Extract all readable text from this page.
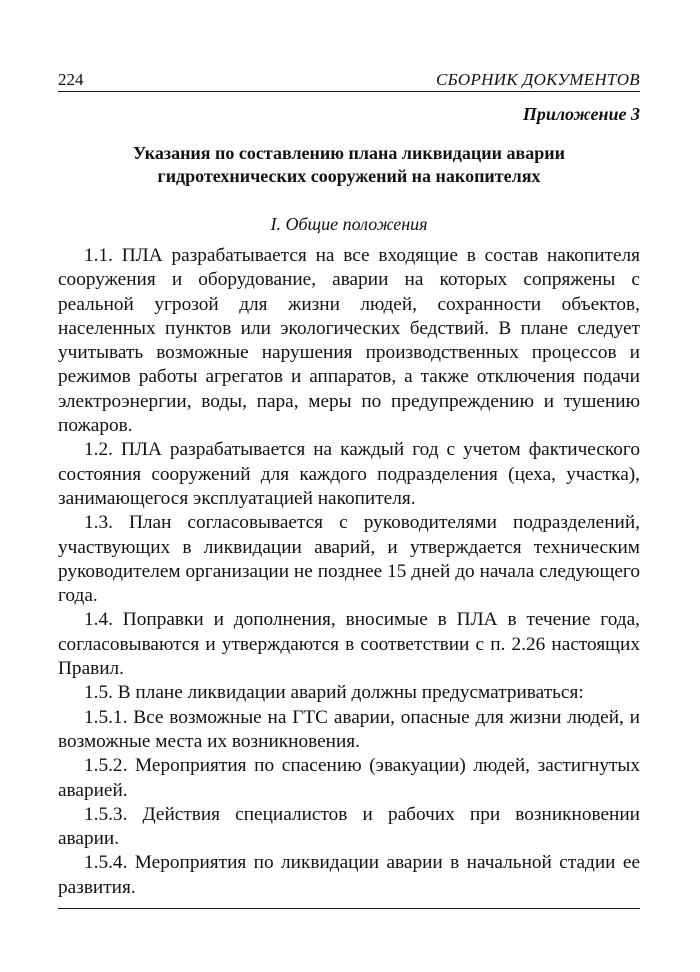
224	СБОРНИК ДОКУМЕНТОВ
Приложение 3
Указания по составлению плана ликвидации аварии
гидротехнических сооружений на накопителях
I. Общие положения

1.1. ПЛА разрабатывается на все входящие в состав накопителя сооружения и оборудование, аварии на которых сопряжены с реальной угрозой для жизни людей, сохранности объектов, населенных пунктов или экологических бедствий. В плане следует учитывать возможные нарушения производственных процессов и режимов работы агрегатов и аппаратов, а также отключения подачи электроэнергии, воды, пара, меры по предупреждению и тушению пожаров.

1.2. ПЛА разрабатывается на каждый год с учетом фактического состояния сооружений для каждого подразделения (цеха, участка), занимающегося эксплуатацией накопителя.

1.3. План согласовывается с руководителями подразделений, участвующих в ликвидации аварий, и утверждается техническим руководителем организации не позднее 15 дней до начала следующего года.

1.4. Поправки и дополнения, вносимые в ПЛА в течение года, согласовываются и утверждаются в соответствии с п. 2.26 настоящих Правил.

1.5. В плане ликвидации аварий должны предусматриваться:

1.5.1. Все возможные на ГТС аварии, опасные для жизни людей, и возможные места их возникновения.

1.5.2. Мероприятия по спасению (эвакуации) людей, застигнутых аварией.

1.5.3. Действия специалистов и рабочих при возникновении аварии.

1.5.4. Мероприятия по ликвидации аварии в начальной стадии ее развития.
